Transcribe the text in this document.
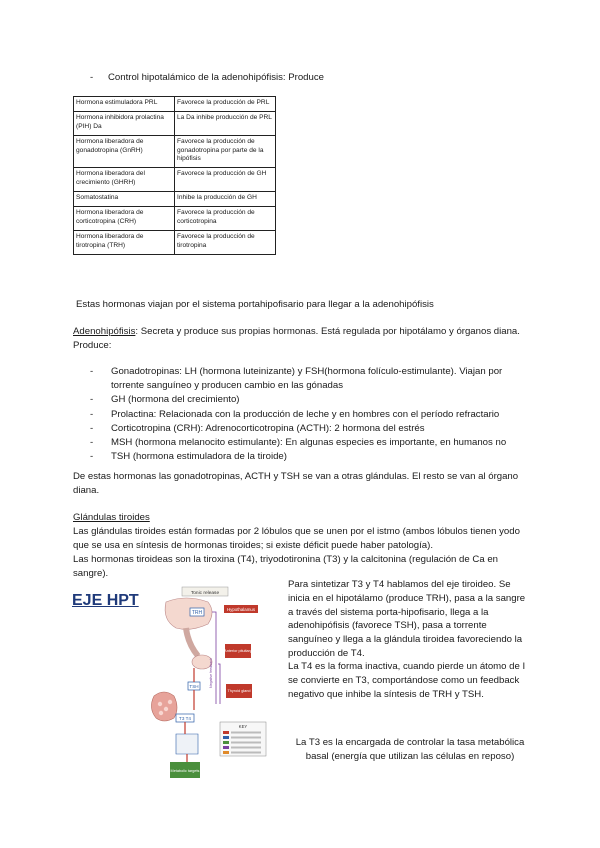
- Control hipotalámico de la adenohipófisis: Produce
Hormona estimuladora PRL	Favorece la producción de PRL
Hormona inhibidora prolactina (PIH) Da	La Da inhibe producción de PRL
Hormona liberadora de gonadotropina (GnRH)	Favorece la producción de gonadotropina por parte de la hipófisis
Hormona liberadora del crecimiento (GHRH)	Favorece la producción de GH
Somatostatina	Inhibe la producción de GH
Hormona liberadora de corticotropina (CRH)	Favorece la producción de corticotropina
Hormona liberadora de tirotropina (TRH)	Favorece la producción de tirotropina
Estas hormonas viajan por el sistema portahipofisario para llegar a la adenohipófisis
Adenohipófisis: Secreta y produce sus propias hormonas. Está regulada por hipotálamo y órganos diana. Produce:
- Gonadotropinas: LH (hormona luteinizante) y FSH(hormona folículo-estimulante). Viajan por torrente sanguíneo y producen cambio en las gónadas
- GH (hormona del crecimiento)
- Prolactina: Relacionada con la producción de leche y en hombres con el período refractario
- Corticotropina (CRH): Adrenocorticotropina (ACTH): 2 hormona del estrés
- MSH (hormona melanocito estimulante): En algunas especies es importante, en humanos no
- TSH (hormona estimuladora de la tiroide)
De estas hormonas las gonadotropinas, ACTH y TSH se van a otras glándulas. El resto se van al órgano diana.
Glándulas tiroides
Las glándulas tiroides están formadas por 2 lóbulos que se unen por el istmo (ambos lóbulos tienen yodo que se usa en síntesis de hormonas tiroides; si existe déficit puede haber patología).
Las hormonas tiroideas son la tiroxina (T4), triyodotironina (T3) y la calcitonina (regulación de Ca en sangre).
EJE HPT	Tonic release
TRH
Hypothalamus
Anterior pituitary
TSH	Negative feedback
Thyroid gland
T3 T4
KEY
Metabolic targets
Para sintetizar T3 y T4 hablamos del eje tiroideo. Se inicia en el hipotálamo (produce TRH), pasa a la sangre a través del sistema porta-hipofisario, llega a la adenohipófisis (favorece TSH), pasa a torrente sanguíneo y llega a la glándula tiroidea favoreciendo la producción de T4.
La T4 es la forma inactiva, cuando pierde un átomo de I se convierte en T3, comportándose como un feedback negativo que inhibe la síntesis de TRH y TSH.
La T3 es la encargada de controlar la tasa metabólica basal (energía que utilizan las células en reposo)
